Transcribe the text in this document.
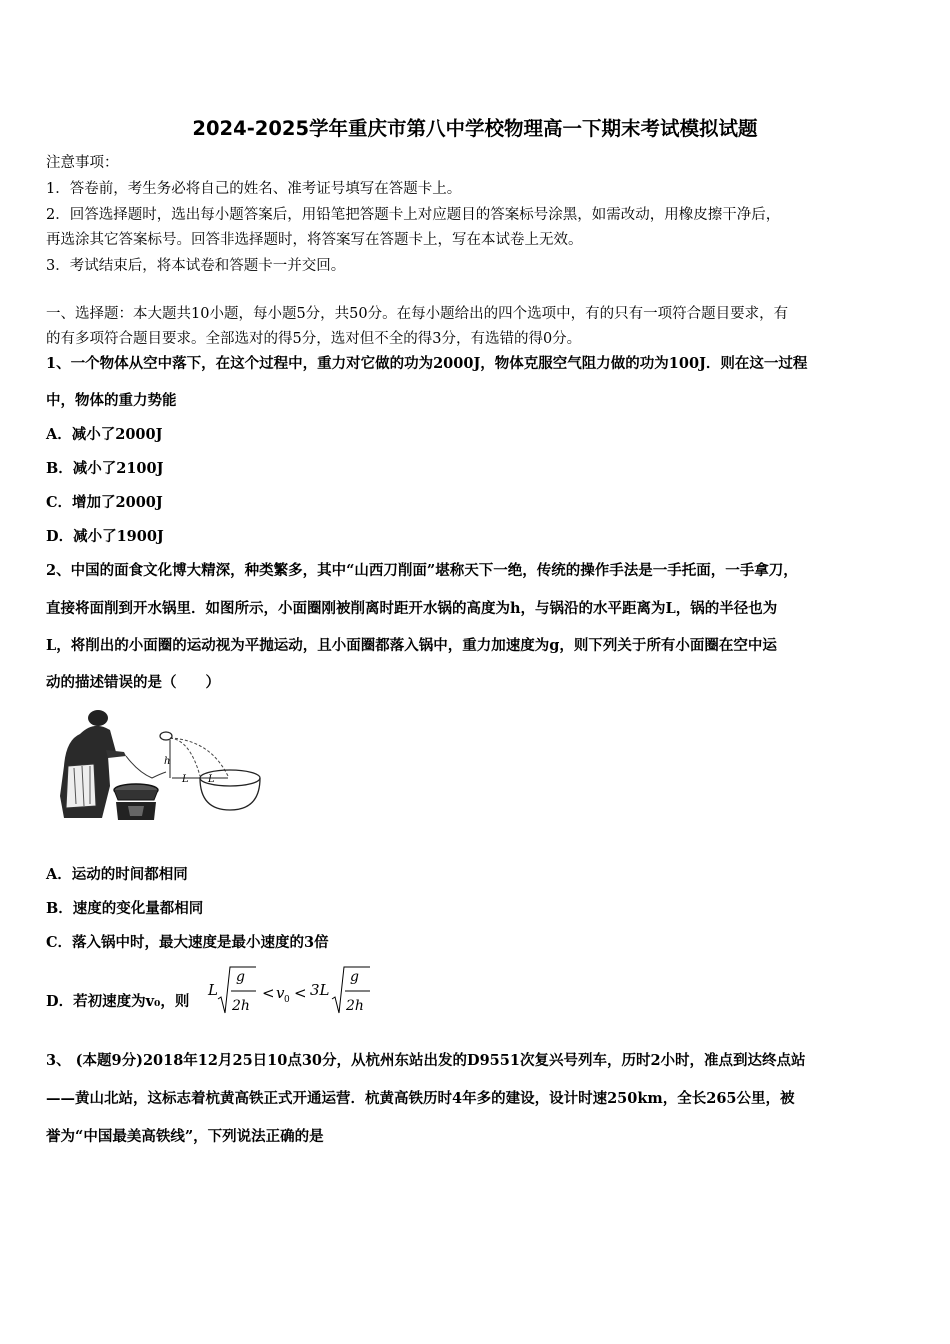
2024-2025学年重庆市第八中学校物理高一下期末考试模拟试题
注意事项：
1．答卷前，考生务必将自己的姓名、准考证号填写在答题卡上。
2．回答选择题时，选出每小题答案后，用铅笔把答题卡上对应题目的答案标号涂黑，如需改动，用橡皮擦干净后，
再选涂其它答案标号。回答非选择题时，将答案写在答题卡上，写在本试卷上无效。
3．考试结束后，将本试卷和答题卡一并交回。
一、选择题：本大题共10小题，每小题5分，共50分。在每小题给出的四个选项中，有的只有一项符合题目要求，有
的有多项符合题目要求。全部选对的得5分，选对但不全的得3分，有选错的得0分。
1、一个物体从空中落下，在这个过程中，重力对它做的功为2000J，物体克服空气阻力做的功为100J．则在这一过程
中，物体的重力势能
A．减小了2000J
B．减小了2100J
C．增加了2000J
D．减小了1900J
2、中国的面食文化博大精深，种类繁多，其中“山西刀削面”堪称天下一绝，传统的操作手法是一手托面，一手拿刀，
直接将面削到开水锅里．如图所示，小面圈刚被削离时距开水锅的高度为h，与锅沿的水平距离为L，锅的半径也为
L，将削出的小面圈的运动视为平抛运动，且小面圈都落入锅中，重力加速度为g，则下列关于所有小面圈在空中运
动的描述错误的是（　　）
h
L L
A．运动的时间都相同
B．速度的变化量都相同
C．落入锅中时，最大速度是最小速度的3倍
D．若初速度为v₀，则
L
g
2h
< v 0 < 3L
g
2h
3、 (本题9分)2018年12月25日10点30分，从杭州东站出发的D9551次复兴号列车，历时2小时，准点到达终点站
——黄山北站，这标志着杭黄高铁正式开通运营．杭黄高铁历时4年多的建设，设计时速250km，全长265公里，被
誉为“中国最美高铁线”，下列说法正确的是
